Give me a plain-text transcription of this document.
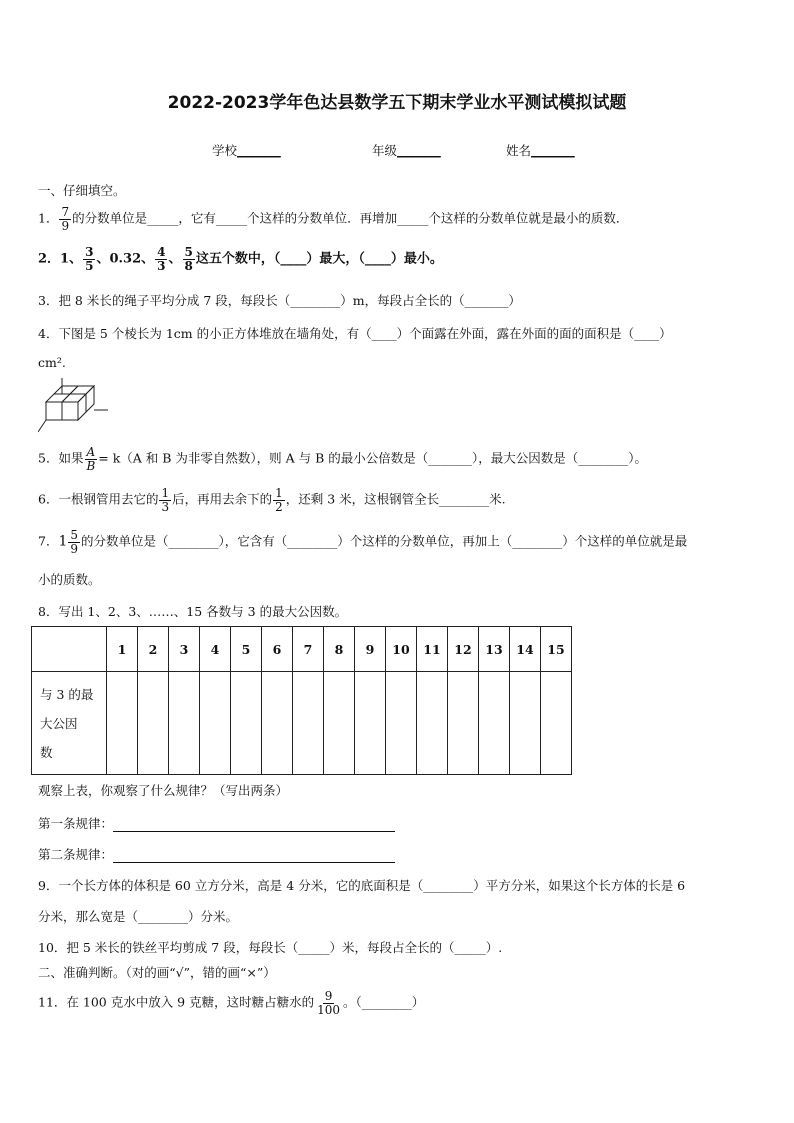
2022-2023学年色达县数学五下期末学业水平测试模拟试题
学校_______	年级_______	姓名_______
一、仔细填空。
1． $\frac{7}{9}$ 的分数单位是_____，它有_____个这样的分数单位．再增加_____个这样的分数单位就是最小的质数．
2．1、 $\frac{3}{5}$ 、0.32、 $\frac{4}{3}$ 、 $\frac{5}{8}$ 这五个数中，（____）最大，（____）最小。
3．把 8 米长的绳子平均分成 7 段，每段长（________）m，每段占全长的（_______）
4．下图是 5 个棱长为 1cm 的小正方体堆放在墙角处，有（____）个面露在外面，露在外面的面的面积是（____）
cm².
5．如果 $\frac{A}{B} = k(A$ 和 B 为非零自然数），则 A 与 B 的最小公倍数是（_______），最大公因数是（________）。
6．一根钢管用去它的 $\frac{1}{3}$ 后，再用去余下的 $\frac{1}{2}$ ，还剩 3 米，这根钢管全长________米.
7．$1 \frac{5}{9}$ 的分数单位是（________），它含有（________）个这样的分数单位，再加上（________）个这样的单位就是最
小的质数。
8．写出 1、2、3、……、15 各数与 3 的最大公因数。
	1	2	3	4	5	6	7	8	9	10	11	12	13	14	15
与 3 的最
大公因
数															
观察上表，你观察了什么规律？（写出两条）
第一条规律：
第二条规律：
9．一个长方体的体积是 60 立方分米，高是 4 分米，它的底面积是（________）平方分米，如果这个长方体的长是 6
分米，那么宽是（________）分米。
10．把 5 米长的铁丝平均剪成 7 段，每段长（_____）米，每段占全长的（_____）.
二、准确判断。（对的画“√”，错的画“×”）
11．在 100 克水中放入 9 克糖，这时糖占糖水的 $\frac{9}{100}$ 。（________）
